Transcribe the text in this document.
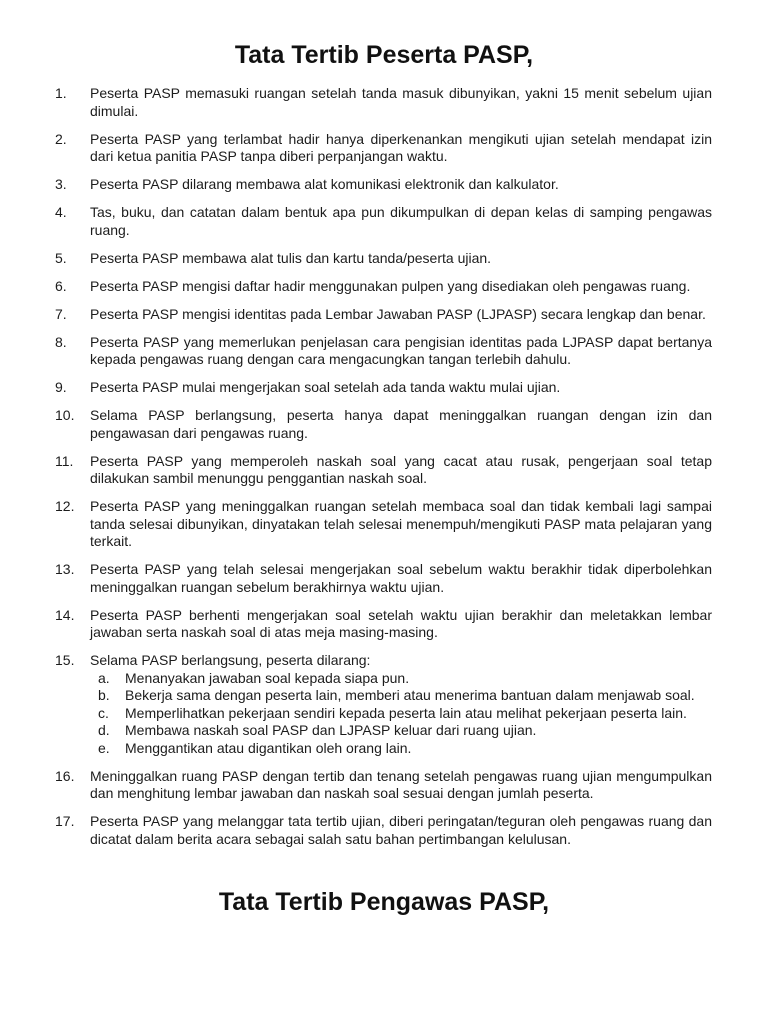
Tata Tertib Peserta PASP,
1.	Peserta PASP memasuki ruangan setelah tanda masuk dibunyikan, yakni 15 menit sebelum ujian dimulai.
2.	Peserta PASP yang terlambat hadir hanya diperkenankan mengikuti ujian setelah mendapat izin dari ketua panitia PASP tanpa diberi perpanjangan waktu.
3.	Peserta PASP dilarang membawa alat komunikasi elektronik dan kalkulator.
4.	Tas, buku, dan catatan dalam bentuk apa pun dikumpulkan di depan kelas di samping pengawas ruang.
5.	Peserta PASP membawa alat tulis dan kartu tanda/peserta ujian.
6.	Peserta PASP mengisi daftar hadir menggunakan pulpen yang disediakan oleh pengawas ruang.
7.	Peserta PASP mengisi identitas pada Lembar Jawaban PASP (LJPASP) secara lengkap dan benar.
8.	Peserta PASP yang memerlukan penjelasan cara pengisian identitas pada LJPASP dapat bertanya kepada pengawas ruang dengan cara mengacungkan tangan terlebih dahulu.
9.	Peserta PASP mulai mengerjakan soal setelah ada tanda waktu mulai ujian.
10.	Selama PASP berlangsung, peserta hanya dapat meninggalkan ruangan dengan izin dan pengawasan dari pengawas ruang.
11.	Peserta PASP yang memperoleh naskah soal yang cacat atau rusak, pengerjaan soal tetap dilakukan sambil menunggu penggantian naskah soal.
12.	Peserta PASP yang meninggalkan ruangan setelah membaca soal dan tidak kembali lagi sampai tanda selesai dibunyikan, dinyatakan telah selesai menempuh/mengikuti PASP mata pelajaran yang terkait.
13.	Peserta PASP yang telah selesai mengerjakan soal sebelum waktu berakhir tidak diperbolehkan meninggalkan ruangan sebelum berakhirnya waktu ujian.
14.	Peserta PASP berhenti mengerjakan soal setelah waktu ujian berakhir dan meletakkan lembar jawaban serta naskah soal di atas meja masing-masing.
15.	Selama PASP berlangsung, peserta dilarang:
a.	Menanyakan jawaban soal kepada siapa pun.
b.	Bekerja sama dengan peserta lain, memberi atau menerima bantuan dalam menjawab soal.
c.	Memperlihatkan pekerjaan sendiri kepada peserta lain atau melihat pekerjaan peserta lain.
d.	Membawa naskah soal PASP dan LJPASP keluar dari ruang ujian.
e.	Menggantikan atau digantikan oleh orang lain.
16.	Meninggalkan ruang PASP dengan tertib dan tenang setelah pengawas ruang ujian mengumpulkan dan menghitung lembar jawaban dan naskah soal sesuai dengan jumlah peserta.
17.	Peserta PASP yang melanggar tata tertib ujian, diberi peringatan/teguran oleh pengawas ruang dan dicatat dalam berita acara sebagai salah satu bahan pertimbangan kelulusan.
Tata Tertib Pengawas PASP,
